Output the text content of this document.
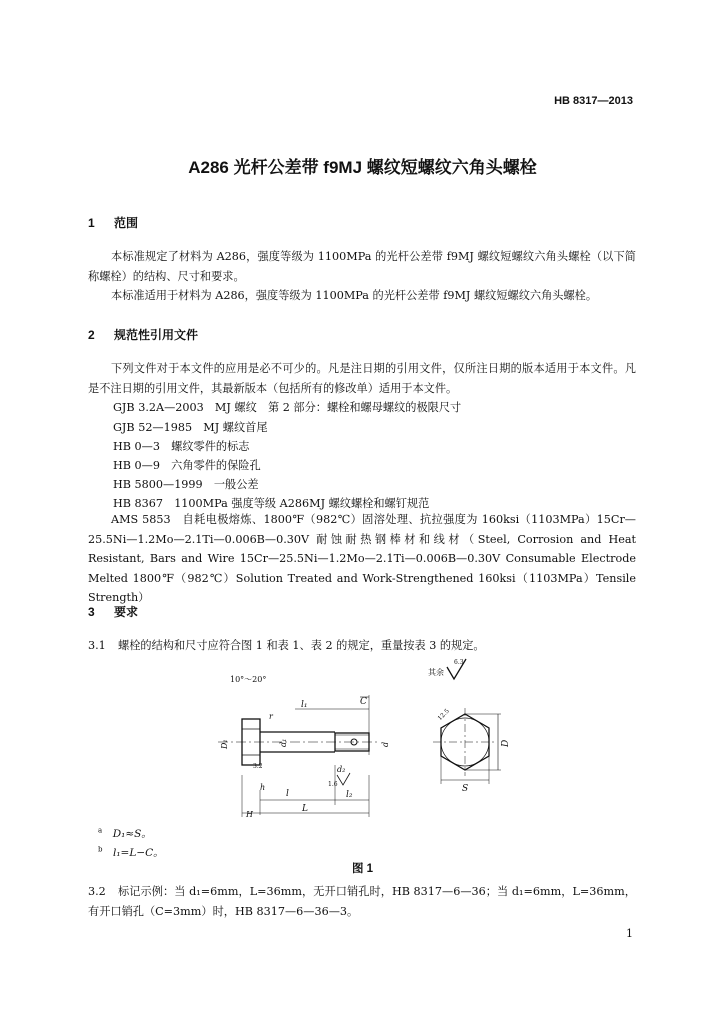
HB 8317—2013
A286 光杆公差带 f9MJ 螺纹短螺纹六角头螺栓
1 范围
本标准规定了材料为 A286，强度等级为 1100MPa 的光杆公差带 f9MJ 螺纹短螺纹六角头螺栓（以下简称螺栓）的结构、尺寸和要求。
本标准适用于材料为 A286，强度等级为 1100MPa 的光杆公差带 f9MJ 螺纹短螺纹六角头螺栓。
2 规范性引用文件
下列文件对于本文件的应用是必不可少的。凡是注日期的引用文件，仅所注日期的版本适用于本文件。凡是不注日期的引用文件，其最新版本（包括所有的修改单）适用于本文件。
GJB 3.2A—2003　MJ 螺纹　第 2 部分：螺栓和螺母螺纹的极限尺寸
GJB 52—1985　MJ 螺纹首尾
HB 0—3　螺纹零件的标志
HB 0—9　六角零件的保险孔
HB 5800—1999　一般公差
HB 8367　1100MPa 强度等级 A286MJ 螺纹螺栓和螺钉规范
AMS 5853　自耗电极熔炼、1800℉（982℃）固溶处理、抗拉强度为 160ksi（1103MPa）15Cr—25.5Ni—1.2Mo—2.1Ti—0.006B—0.30V 耐蚀耐热钢棒材和线材（Steel, Corrosion and Heat Resistant, Bars and Wire 15Cr—25.5Ni—1.2Mo—2.1Ti—0.006B—0.30V Consumable Electrode Melted 1800℉（982℃）Solution Treated and Work-Strengthened 160ksi（1103MPa）Tensile Strength）
3 要求
3.1 螺栓的结构和尺寸应符合图 1 和表 1、表 2 的规定，重量按表 3 的规定。
其余
6.3
10°～20°
l₁	C
r
D₁	d₁	d
d₂
h
3.2
1.6
l	l₂
L
H
S
D
12.5
$^a$　 D₁≈S。
$^b$　 l₁=L−C。
图 1
3.2 标记示例：当 d₁=6mm，L=36mm，无开口销孔时，HB 8317—6—36；当 d₁=6mm，L=36mm，有开口销孔（C=3mm）时，HB 8317—6—36—3。
1
